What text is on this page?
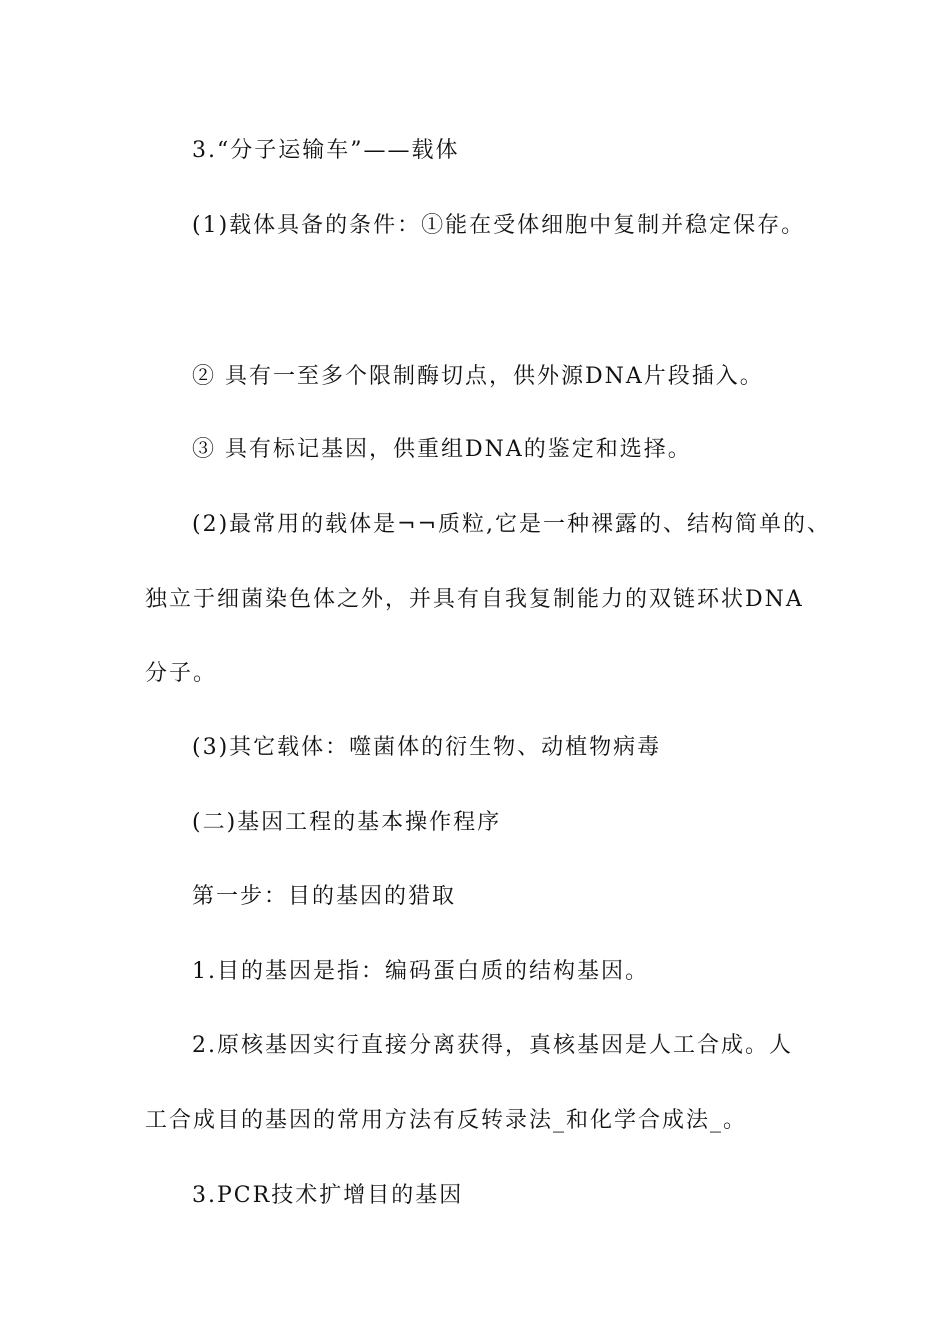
3.“分子运输车”——载体
(1)载体具备的条件：①能在受体细胞中复制并稳定保存。
② 具有一至多个限制酶切点，供外源DNA片段插入。
③ 具有标记基因，供重组DNA的鉴定和选择。
(2)最常用的载体是¬¬质粒,它是一种裸露的、结构简单的、
独立于细菌染色体之外，并具有自我复制能力的双链环状DNA
分子。
(3)其它载体：噬菌体的衍生物、动植物病毒
(二)基因工程的基本操作程序
第一步：目的基因的猎取
1.目的基因是指：编码蛋白质的结构基因。
2.原核基因实行直接分离获得，真核基因是人工合成。人
工合成目的基因的常用方法有反转录法_和化学合成法_。
3.PCR技术扩增目的基因
